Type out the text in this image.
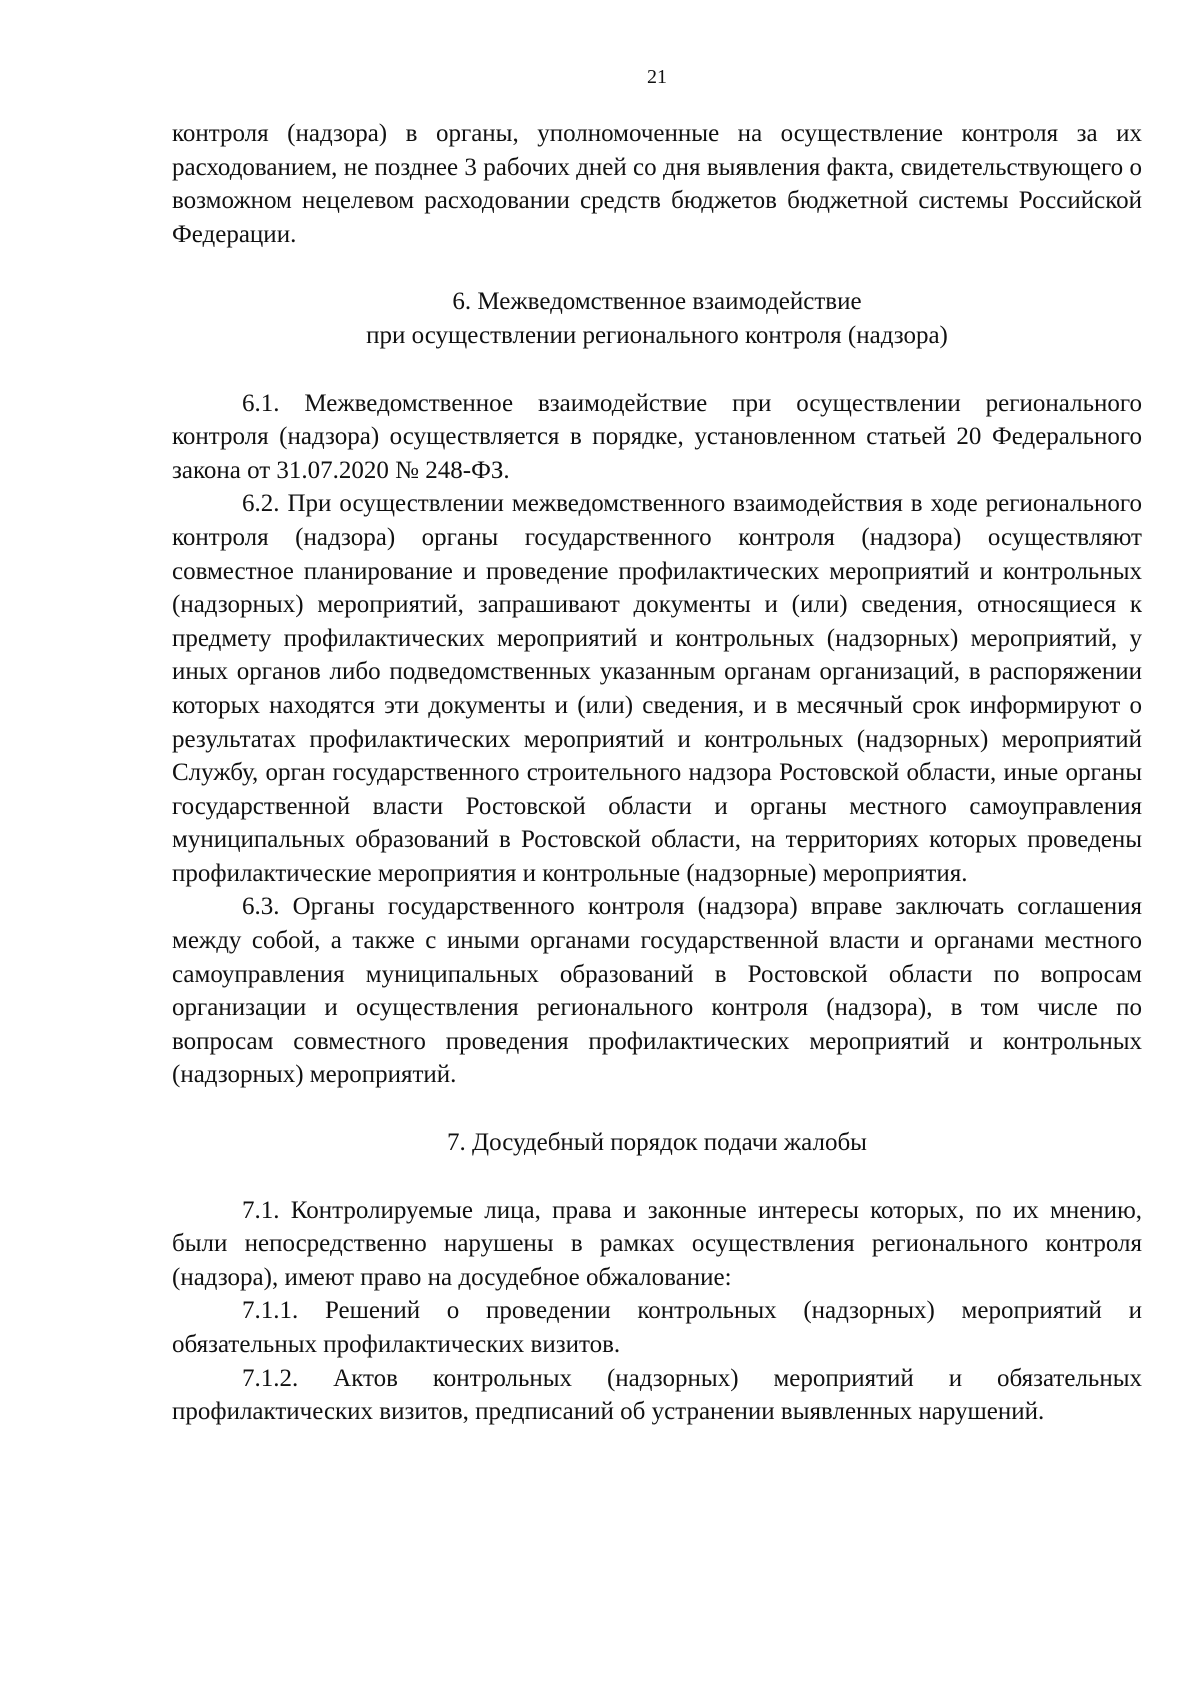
21

контроля (надзора) в органы, уполномоченные на осуществление контроля за их расходованием, не позднее 3 рабочих дней со дня выявления факта, свидетельствующего о возможном нецелевом расходовании средств бюджетов бюджетной системы Российской Федерации.

6. Межведомственное взаимодействие
при осуществлении регионального контроля (надзора)

6.1. Межведомственное взаимодействие при осуществлении регионального контроля (надзора) осуществляется в порядке, установленном статьей 20 Федерального закона от 31.07.2020 № 248-ФЗ.

6.2. При осуществлении межведомственного взаимодействия в ходе регионального контроля (надзора) органы государственного контроля (надзора) осуществляют совместное планирование и проведение профилактических мероприятий и контрольных (надзорных) мероприятий, запрашивают документы и (или) сведения, относящиеся к предмету профилактических мероприятий и контрольных (надзорных) мероприятий, у иных органов либо подведомственных указанным органам организаций, в распоряжении которых находятся эти документы и (или) сведения, и в месячный срок информируют о результатах профилактических мероприятий и контрольных (надзорных) мероприятий Службу, орган государственного строительного надзора Ростовской области, иные органы государственной власти Ростовской области и органы местного самоуправления муниципальных образований в Ростовской области, на территориях которых проведены профилактические мероприятия и контрольные (надзорные) мероприятия.

6.3. Органы государственного контроля (надзора) вправе заключать соглашения между собой, а также с иными органами государственной власти и органами местного самоуправления муниципальных образований в Ростовской области по вопросам организации и осуществления регионального контроля (надзора), в том числе по вопросам совместного проведения профилактических мероприятий и контрольных (надзорных) мероприятий.

7. Досудебный порядок подачи жалобы

7.1. Контролируемые лица, права и законные интересы которых, по их мнению, были непосредственно нарушены в рамках осуществления регионального контроля (надзора), имеют право на досудебное обжалование:

7.1.1. Решений о проведении контрольных (надзорных) мероприятий и обязательных профилактических визитов.

7.1.2. Актов контрольных (надзорных) мероприятий и обязательных профилактических визитов, предписаний об устранении выявленных нарушений.
